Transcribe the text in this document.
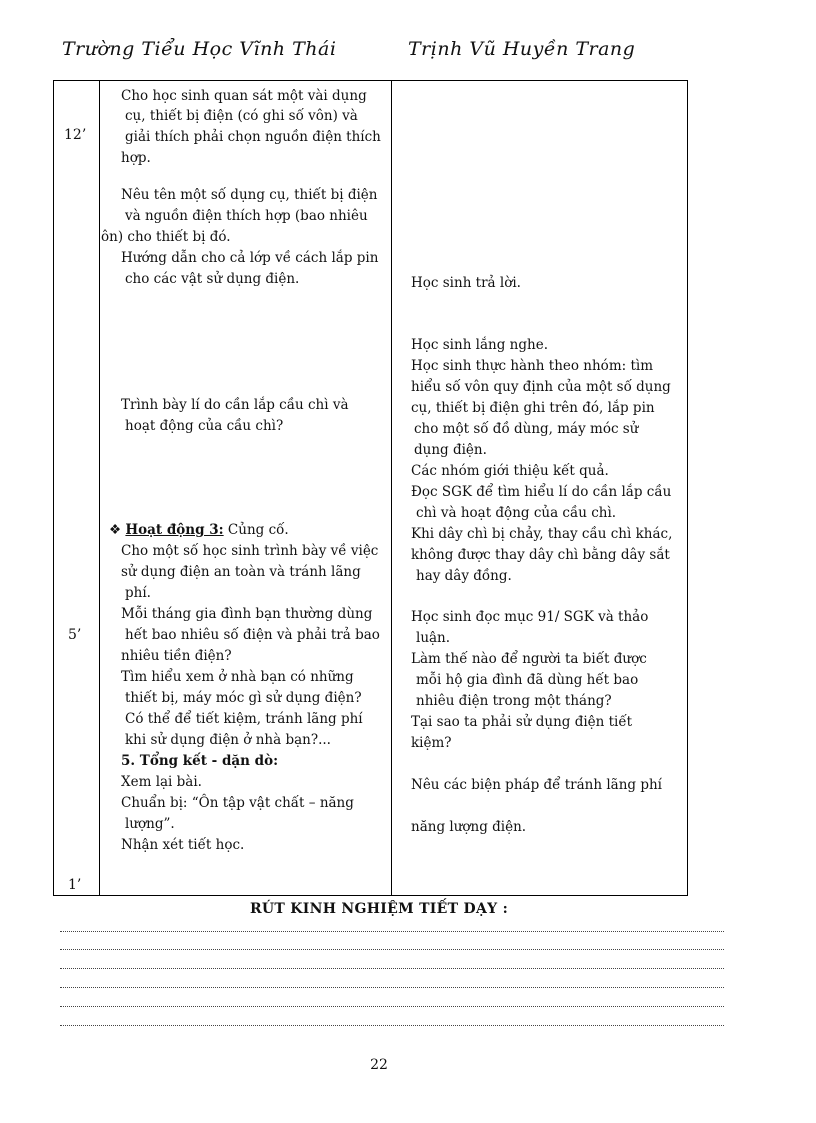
Trường Tiểu Học Vĩnh Thái	Trịnh Vũ Huyền Trang
12’
5’
1’
Cho học sinh quan sát một vài dụng
cụ, thiết bị điện (có ghi số vôn) và
giải thích phải chọn nguồn điện thích
hợp.
Nêu tên một số dụng cụ, thiết bị điện
và nguồn điện thích hợp (bao nhiêu
ôn) cho thiết bị đó.
Hướng dẫn cho cả lớp về cách lắp pin
cho các vật sử dụng điện.
Trình bày lí do cần lắp cầu chì và
hoạt động của cầu chì?
❖ Hoạt động 3: Củng cố.
Cho một số học sinh trình bày về việc
sử dụng điện an toàn và tránh lãng
phí.
Mỗi tháng gia đình bạn thường dùng
hết bao nhiêu số điện và phải trả bao
nhiêu tiền điện?
Tìm hiểu xem ở nhà bạn có những
thiết bị, máy móc gì sử dụng điện?
Có thể để tiết kiệm, tránh lãng phí
khi sử dụng điện ở nhà bạn?...
5. Tổng kết - dặn dò:
Xem lại bài.
Chuẩn bị: “Ôn tập vật chất – năng
lượng”.
Nhận xét tiết học.
Học sinh trả lời.
Học sinh lắng nghe.
Học sinh thực hành theo nhóm: tìm
hiểu số vôn quy định của một số dụng
cụ, thiết bị điện ghi trên đó, lắp pin
cho một số đồ dùng, máy móc sử
dụng điện.
Các nhóm giới thiệu kết quả.
Đọc SGK để tìm hiểu lí do cần lắp cầu
chì và hoạt động của cầu chì.
Khi dây chì bị chảy, thay cầu chì khác,
không được thay dây chì bằng dây sắt
hay dây đồng.
Học sinh đọc mục 91/ SGK và thảo
luận.
Làm thế nào để người ta biết được
mỗi hộ gia đình đã dùng hết bao
nhiêu điện trong một tháng?
Tại sao ta phải sử dụng điện tiết
kiệm?
Nêu các biện pháp để tránh lãng phí
năng lượng điện.
RÚT KINH NGHIỆM TIẾT DẠY :
22
